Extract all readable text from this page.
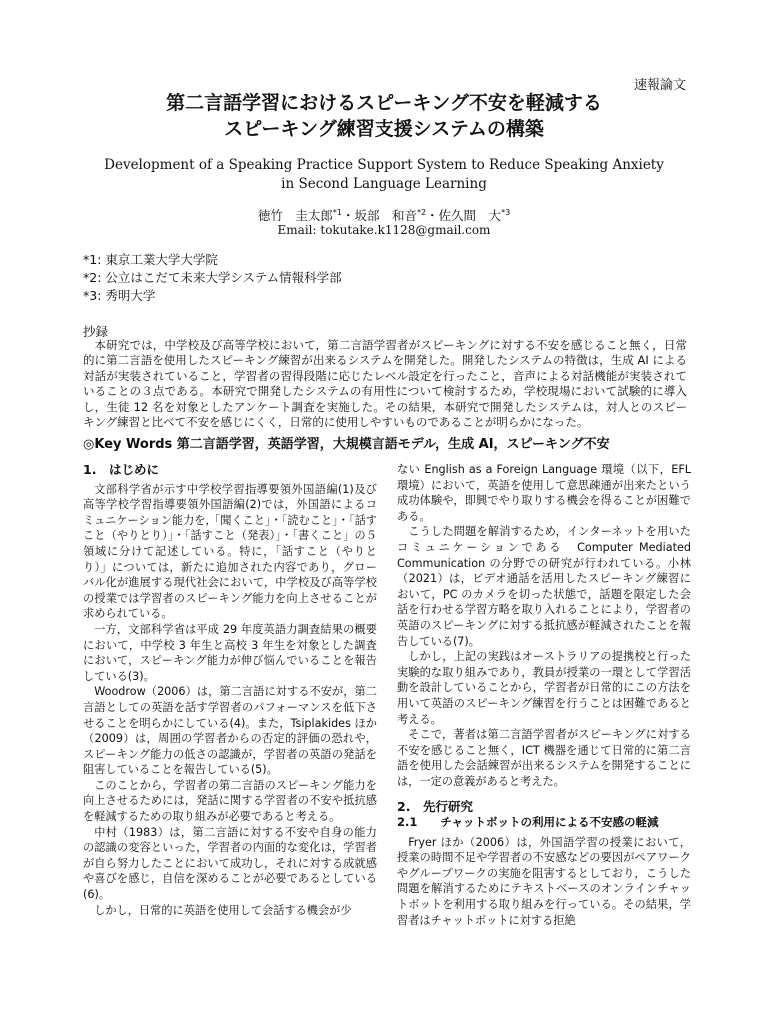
速報論文
第二言語学習におけるスピーキング不安を軽減する
スピーキング練習支援システムの構築
Development of a Speaking Practice Support System to Reduce Speaking Anxiety
in Second Language Learning
徳竹　圭太郎$^{*1}$・坂部　和音$^{*2}$・佐久間　大$^{*3}$
Email: tokutake.k1128@gmail.com
*1: 東京工業大学大学院
*2: 公立はこだて未来大学システム情報科学部
*3: 秀明大学
抄録

本研究では，中学校及び高等学校において，第二言語学習者がスピーキングに対する不安を感じること無く，日常的に第二言語を使用したスピーキング練習が出来るシステムを開発した。開発したシステムの特徴は，生成 AI による対話が実装されていること，学習者の習得段階に応じたレベル設定を行ったこと，音声による対話機能が実装されていることの３点である。本研究で開発したシステムの有用性について検討するため，学校現場において試験的に導入し，生徒 12 名を対象としたアンケート調査を実施した。その結果，本研究で開発したシステムは，対人とのスピーキング練習と比べて不安を感じにくく，日常的に使用しやすいものであることが明らかになった。

◎Key Words 第二言語学習，英語学習，大規模言語モデル，生成 AI，スピーキング不安
1.　はじめに

文部科学省が示す中学校学習指導要領外国語編(1)及び高等学校学習指導要領外国語編(2)では，外国語によるコミュニケーション能力を,「聞くこと」・「読むこと」・「話すこと（やりとり）」・「話すこと（発表）」・「書くこと」の５領域に分けて記述している。特に，「話すこと（やりとり）」については，新たに追加された内容であり，グローバル化が進展する現代社会において，中学校及び高等学校の授業では学習者のスピーキング能力を向上させることが求められている。

一方，文部科学省は平成 29 年度英語力調査結果の概要において，中学校 3 年生と高校 3 年生を対象とした調査において，スピーキング能力が伸び悩んでいることを報告している(3)。

Woodrow（2006）は，第二言語に対する不安が，第二言語としての英語を話す学習者のパフォーマンスを低下させることを明らかにしている(4)。また，Tsiplakides ほか（2009）は，周囲の学習者からの否定的評価の恐れや，スピーキング能力の低さの認識が，学習者の英語の発話を阻害していることを報告している(5)。

このことから，学習者の第二言語のスピーキング能力を向上させるためには，発話に関する学習者の不安や抵抗感を軽減するための取り組みが必要であると考える。

中村（1983）は，第二言語に対する不安や自身の能力の認識の変容といった，学習者の内面的な変化は，学習者が自ら努力したことにおいて成功し，それに対する成就感や喜びを感じ，自信を深めることが必要であるとしている(6)。

しかし，日常的に英語を使用して会話する機会が少

ない English as a Foreign Language 環境（以下，EFL 環境）において，英語を使用して意思疎通が出来たという成功体験や，即興でやり取りする機会を得ることが困難である。

こうした問題を解消するため，インターネットを用いたコミュニケーションである　Computer Mediated Communication の分野での研究が行われている。小林（2021）は，ビデオ通話を活用したスピーキング練習において，PC のカメラを切った状態で，話題を限定した会話を行わせる学習方略を取り入れることにより，学習者の英語のスピーキングに対する抵抗感が軽減されたことを報告している(7)。

しかし，上記の実践はオーストラリアの提携校と行った実験的な取り組みであり，教員が授業の一環として学習活動を設計していることから，学習者が日常的にこの方法を用いて英語のスピーキング練習を行うことは困難であると考える。

そこで，著者は第二言語学習者がスピーキングに対する不安を感じること無く，ICT 機器を通じて日常的に第二言語を使用した会話練習が出来るシステムを開発することには，一定の意義があると考えた。

2.　先行研究
2.1　　チャットボットの利用による不安感の軽減

Fryer ほか（2006）は，外国語学習の授業において，授業の時間不足や学習者の不安感などの要因がペアワークやグループワークの実施を阻害するとしており，こうした問題を解消するためにテキストベースのオンラインチャットボットを利用する取り組みを行っている。その結果，学習者はチャットボットに対する拒絶
